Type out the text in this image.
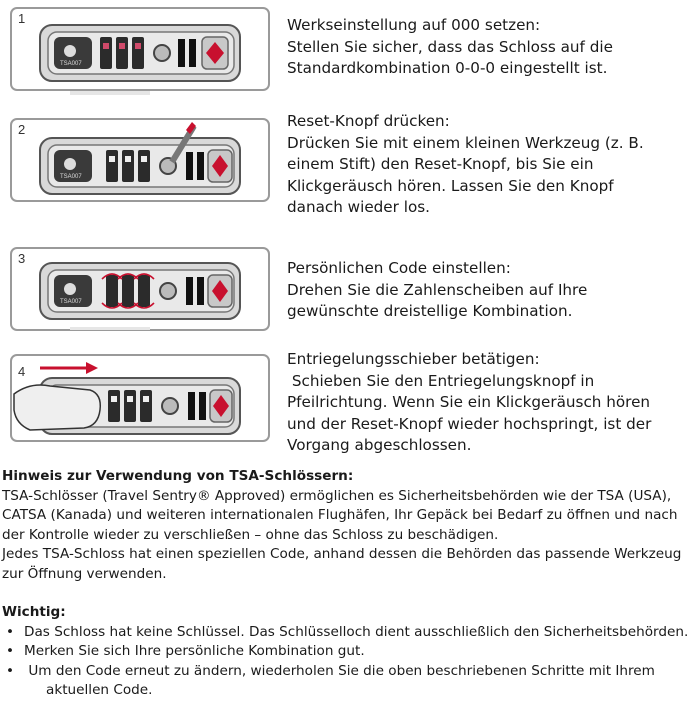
1
TSA007
2
TSA007
3
TSA007
4
Werkseinstellung auf 000 setzen:
Stellen Sie sicher, dass das Schloss auf die
Standardkombination 0-0-0 eingestellt ist.
Reset-Knopf drücken:
Drücken Sie mit einem kleinen Werkzeug (z. B.
einem Stift) den Reset-Knopf, bis Sie ein
Klickgeräusch hören. Lassen Sie den Knopf
danach wieder los.
Persönlichen Code einstellen:
Drehen Sie die Zahlenscheiben auf Ihre
gewünschte dreistellige Kombination.
Entriegelungsschieber betätigen:
Schieben Sie den Entriegelungsknopf in
Pfeilrichtung. Wenn Sie ein Klickgeräusch hören
und der Reset-Knopf wieder hochspringt, ist der
Vorgang abgeschlossen.
Hinweis zur Verwendung von TSA-Schlössern:
TSA-Schlösser (Travel Sentry® Approved) ermöglichen es Sicherheitsbehörden wie der TSA (USA),
CATSA (Kanada) und weiteren internationalen Flughäfen, Ihr Gepäck bei Bedarf zu öffnen und nach
der Kontrolle wieder zu verschließen – ohne das Schloss zu beschädigen.
Jedes TSA-Schloss hat einen speziellen Code, anhand dessen die Behörden das passende Werkzeug
zur Öffnung verwenden.
Wichtig:
• Das Schloss hat keine Schlüssel. Das Schlüsselloch dient ausschließlich den Sicherheitsbehörden.
• Merken Sie sich Ihre persönliche Kombination gut.
• Um den Code erneut zu ändern, wiederholen Sie die oben beschriebenen Schritte mit Ihrem
aktuellen Code.
